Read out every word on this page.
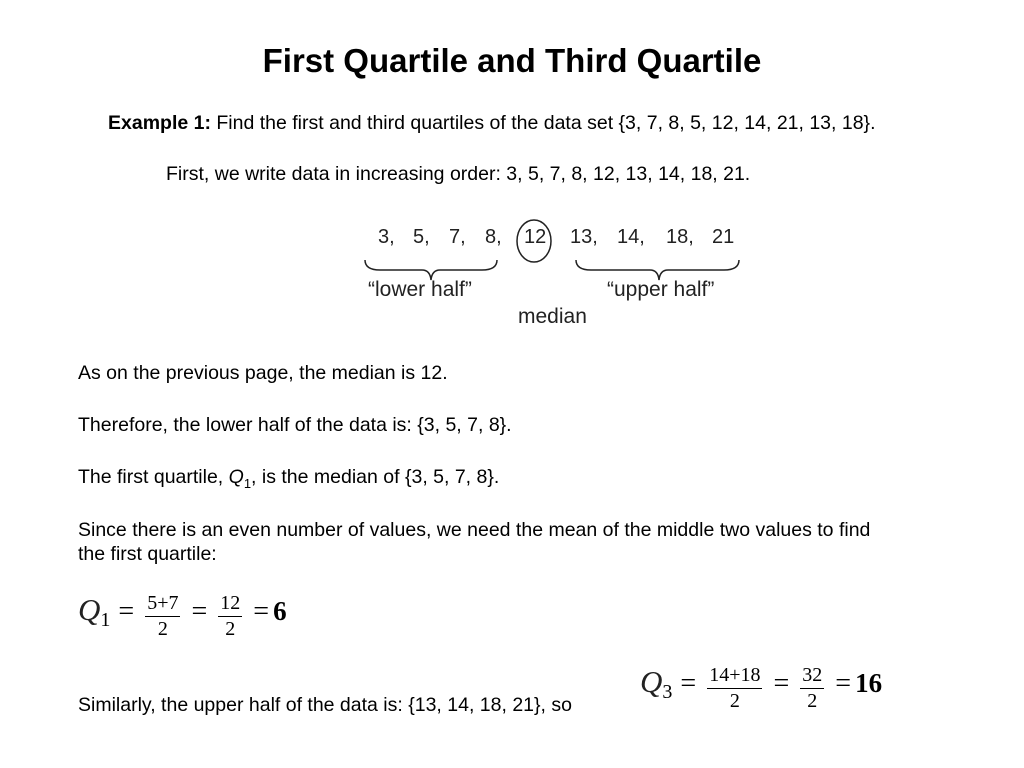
First Quartile and Third Quartile
Example 1: Find the first and third quartiles of the data set {3, 7, 8, 5, 12, 14, 21, 13, 18}.
First, we write data in increasing order: 3, 5, 7, 8, 12, 13, 14, 18, 21.
3, 5, 7, 8, 12 13, 14, 18, 21
“lower half”	“upper half”
median
As on the previous page, the median is 12.
Therefore, the lower half of the data is: {3, 5, 7, 8}.
The first quartile, $Q_1$, is the median of {3, 5, 7, 8}.
Since there is an even number of values, we need the mean of the middle two values to find
the first quartile:
$Q1 = \frac{5+7}{2} = \frac{12}{2} = 6$
Similarly, the upper half of the data is: {13, 14, 18, 21}, so
$Q3 = \frac{14+18}{2} = \frac{32}{2} = 16$
